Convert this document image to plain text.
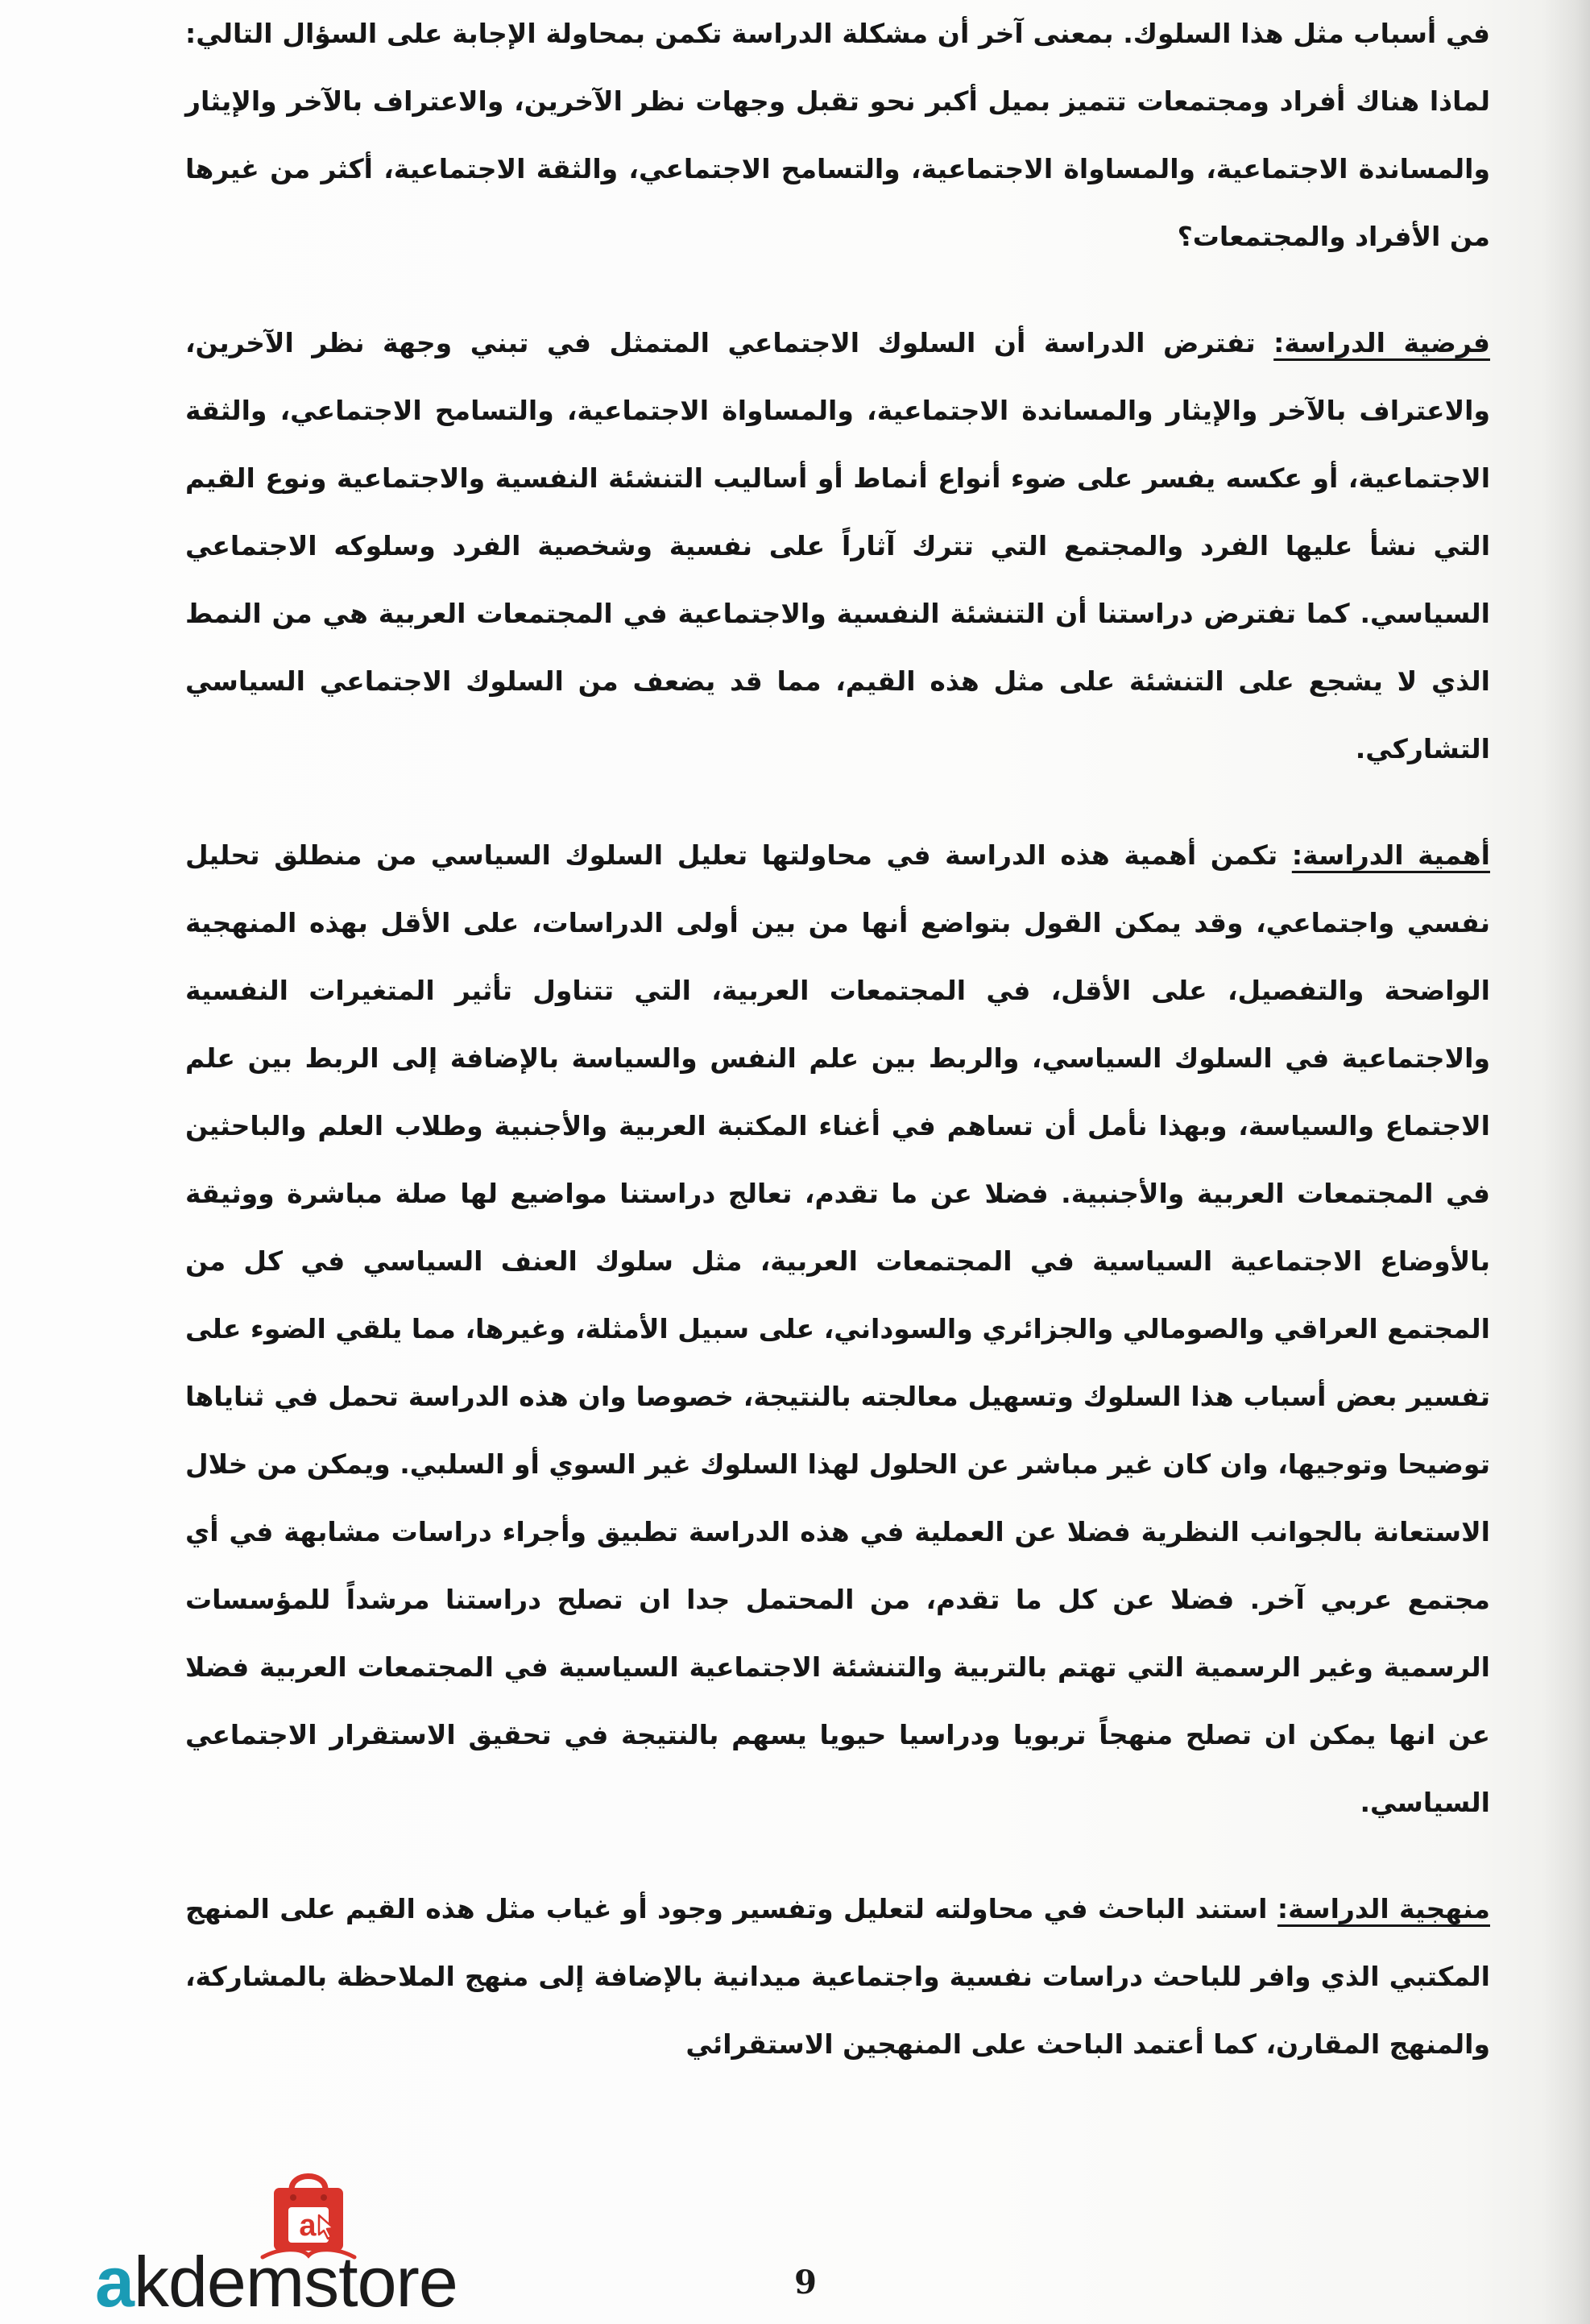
في أسباب مثل هذا السلوك. بمعنى آخر أن مشكلة الدراسة تكمن بمحاولة الإجابة على السؤال التالي: لماذا هناك أفراد ومجتمعات تتميز بميل أكبر نحو تقبل وجهات نظر الآخرين، والاعتراف بالآخر والإيثار والمساندة الاجتماعية، والمساواة الاجتماعية، والتسامح الاجتماعي، والثقة الاجتماعية، أكثر من غيرها من الأفراد والمجتمعات؟

فرضية الدراسة: تفترض الدراسة أن السلوك الاجتماعي المتمثل في تبني وجهة نظر الآخرين، والاعتراف بالآخر والإيثار والمساندة الاجتماعية، والمساواة الاجتماعية، والتسامح الاجتماعي، والثقة الاجتماعية، أو عكسه يفسر على ضوء أنواع أنماط أو أساليب التنشئة النفسية والاجتماعية ونوع القيم التي نشأ عليها الفرد والمجتمع التي تترك آثاراً على نفسية وشخصية الفرد وسلوكه الاجتماعي السياسي. كما تفترض دراستنا أن التنشئة النفسية والاجتماعية في المجتمعات العربية هي من النمط الذي لا يشجع على التنشئة على مثل هذه القيم، مما قد يضعف من السلوك الاجتماعي السياسي التشاركي.

أهمية الدراسة: تكمن أهمية هذه الدراسة في محاولتها تعليل السلوك السياسي من منطلق تحليل نفسي واجتماعي، وقد يمكن القول بتواضع أنها من بين أولى الدراسات، على الأقل بهذه المنهجية الواضحة والتفصيل، على الأقل، في المجتمعات العربية، التي تتناول تأثير المتغيرات النفسية والاجتماعية في السلوك السياسي، والربط بين علم النفس والسياسة بالإضافة إلى الربط بين علم الاجتماع والسياسة، وبهذا نأمل أن تساهم في أغناء المكتبة العربية والأجنبية وطلاب العلم والباحثين في المجتمعات العربية والأجنبية. فضلا عن ما تقدم، تعالج دراستنا مواضيع لها صلة مباشرة ووثيقة بالأوضاع الاجتماعية السياسية في المجتمعات العربية، مثل سلوك العنف السياسي في كل من المجتمع العراقي والصومالي والجزائري والسوداني، على سبيل الأمثلة، وغيرها، مما يلقي الضوء على تفسير بعض أسباب هذا السلوك وتسهيل معالجته بالنتيجة، خصوصا وان هذه الدراسة تحمل في ثناياها توضيحا وتوجيها، وان كان غير مباشر عن الحلول لهذا السلوك غير السوي أو السلبي. ويمكن من خلال الاستعانة بالجوانب النظرية فضلا عن العملية في هذه الدراسة تطبيق وأجراء دراسات مشابهة في أي مجتمع عربي آخر. فضلا عن كل ما تقدم، من المحتمل جدا ان تصلح دراستنا مرشداً للمؤسسات الرسمية وغير الرسمية التي تهتم بالتربية والتنشئة الاجتماعية السياسية في المجتمعات العربية فضلا عن انها يمكن ان تصلح منهجاً تربويا ودراسيا حيويا يسهم بالنتيجة في تحقيق الاستقرار الاجتماعي السياسي.

منهجية الدراسة: استند الباحث في محاولته لتعليل وتفسير وجود أو غياب مثل هذه القيم على المنهج المكتبي الذي وافر للباحث دراسات نفسية واجتماعية ميدانية بالإضافة إلى منهج الملاحظة بالمشاركة، والمنهج المقارن، كما أعتمد الباحث على المنهجين الاستقرائي

9
a
akdemstore
